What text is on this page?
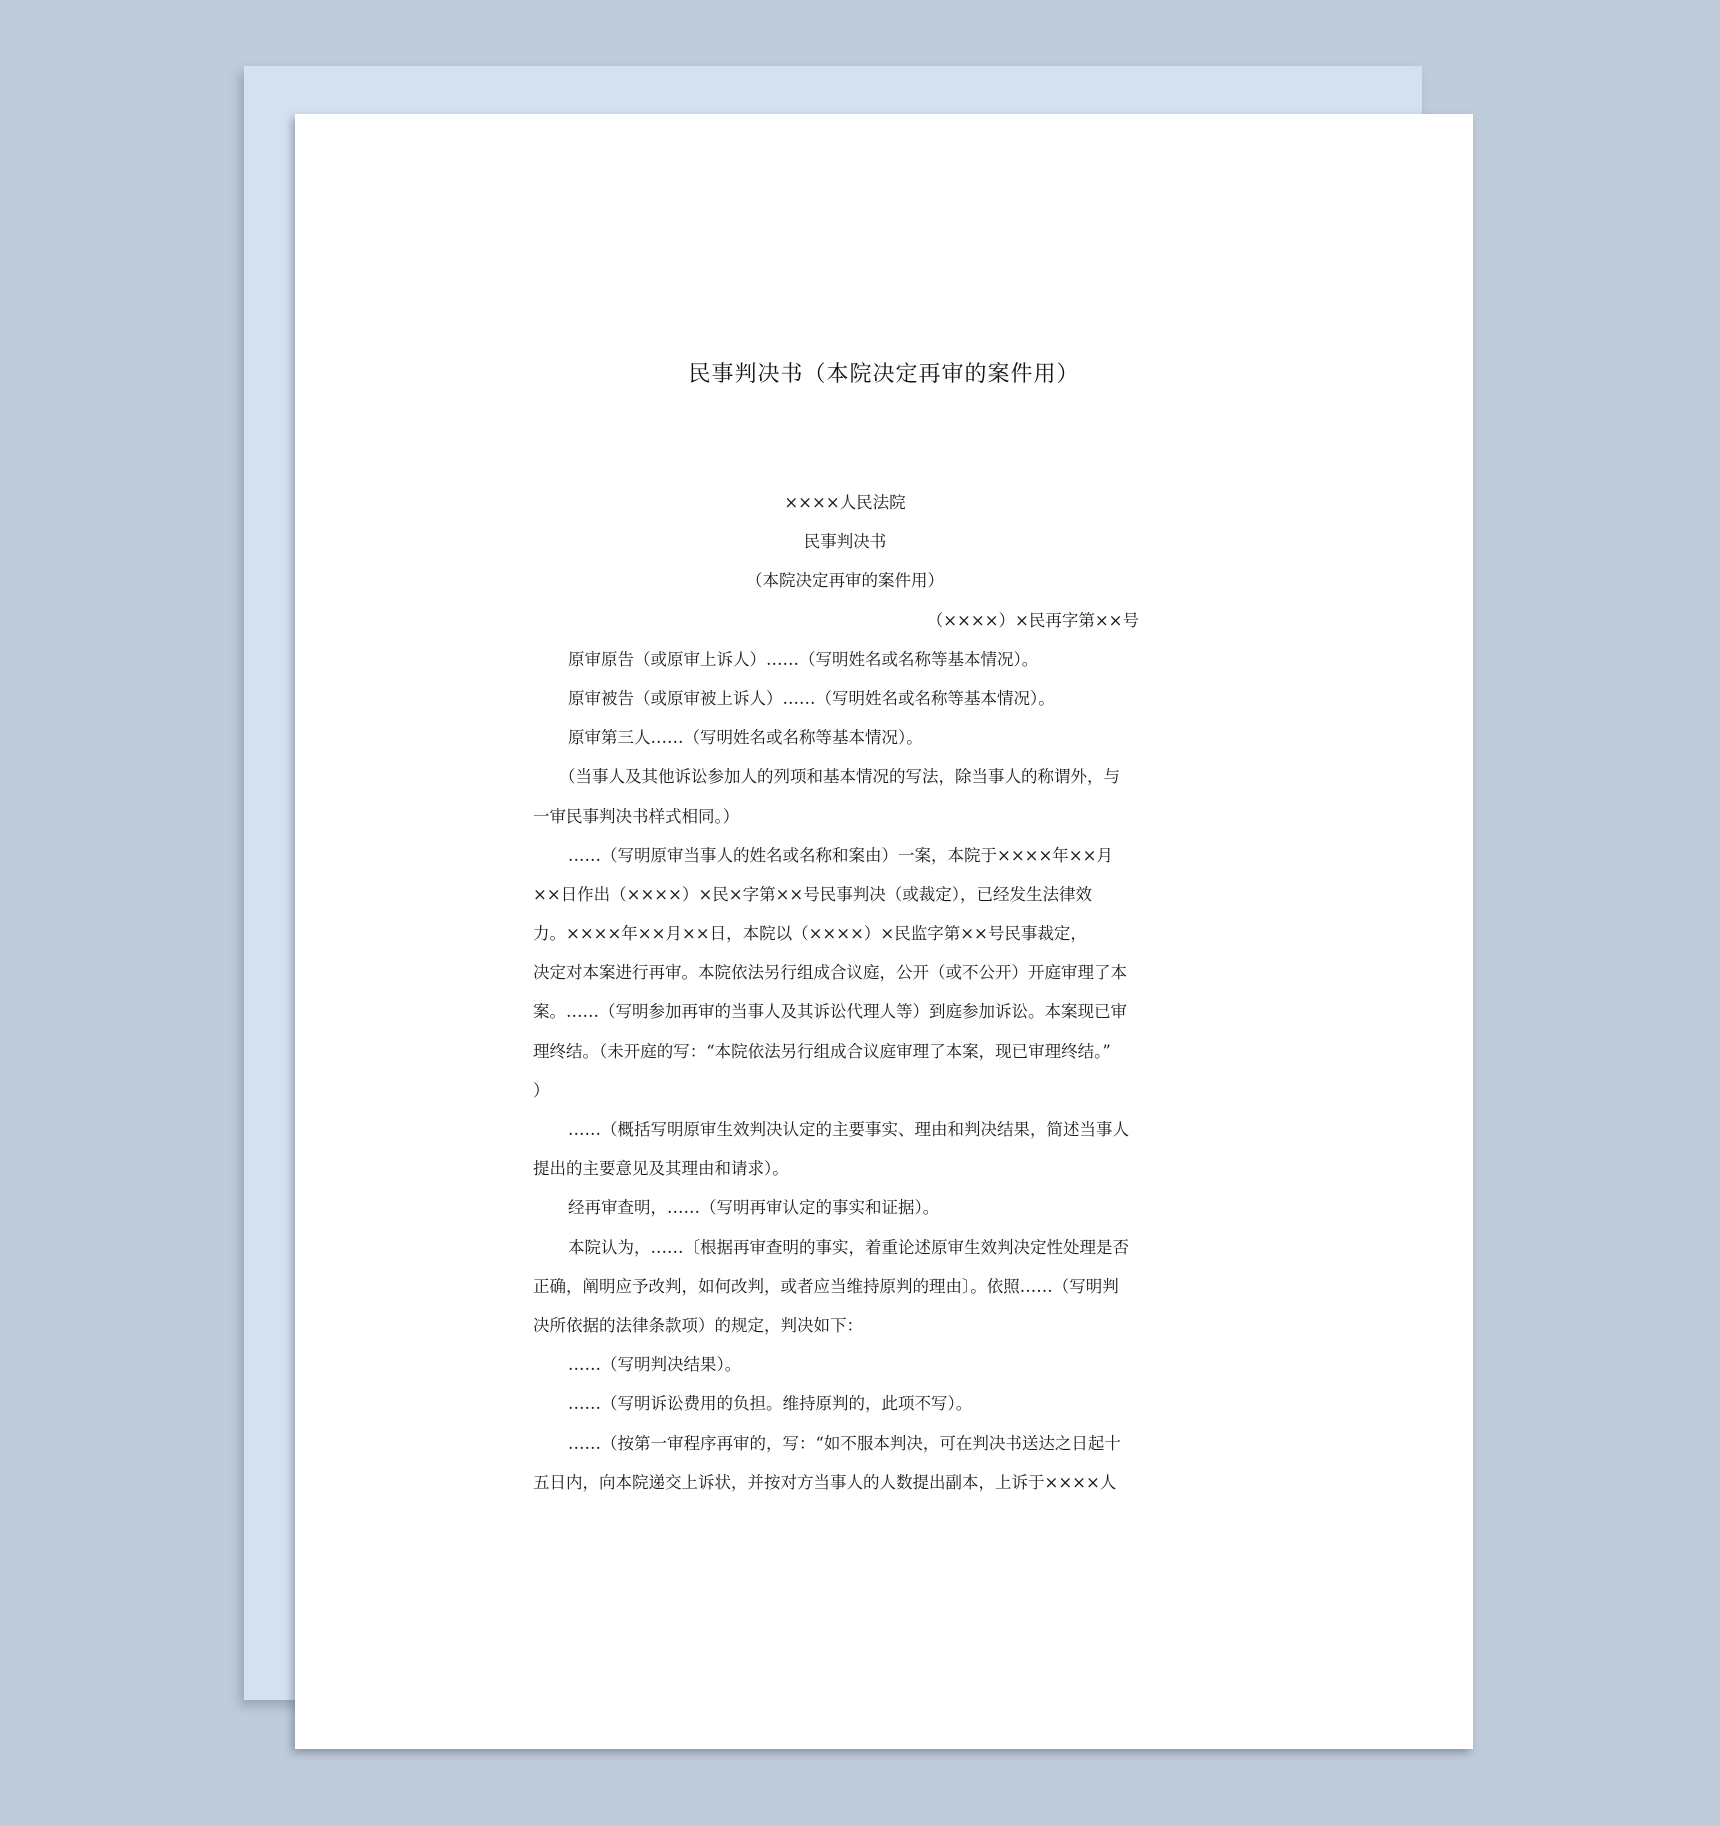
民事判决书（本院决定再审的案件用）
××××人民法院
民事判决书
（本院决定再审的案件用）
（××××）×民再字第××号
原审原告（或原审上诉人）……（写明姓名或名称等基本情况）。
原审被告（或原审被上诉人）……（写明姓名或名称等基本情况）。
原审第三人……（写明姓名或名称等基本情况）。
（当事人及其他诉讼参加人的列项和基本情况的写法，除当事人的称谓外，与
一审民事判决书样式相同。）
……（写明原审当事人的姓名或名称和案由）一案，本院于××××年××月
××日作出（××××）×民×字第××号民事判决（或裁定），已经发生法律效
力。××××年××月××日，本院以（××××）×民监字第××号民事裁定，
决定对本案进行再审。本院依法另行组成合议庭，公开（或不公开）开庭审理了本
案。……（写明参加再审的当事人及其诉讼代理人等）到庭参加诉讼。本案现已审
理终结。（未开庭的写：“本院依法另行组成合议庭审理了本案，现已审理终结。”
）
……（概括写明原审生效判决认定的主要事实、理由和判决结果，简述当事人
提出的主要意见及其理由和请求）。
经再审查明，……（写明再审认定的事实和证据）。
本院认为，……〔根据再审查明的事实，着重论述原审生效判决定性处理是否
正确，阐明应予改判，如何改判，或者应当维持原判的理由〕。依照……（写明判
决所依据的法律条款项）的规定，判决如下：
……（写明判决结果）。
……（写明诉讼费用的负担。维持原判的，此项不写）。
……（按第一审程序再审的，写：“如不服本判决，可在判决书送达之日起十
五日内，向本院递交上诉状，并按对方当事人的人数提出副本，上诉于××××人
